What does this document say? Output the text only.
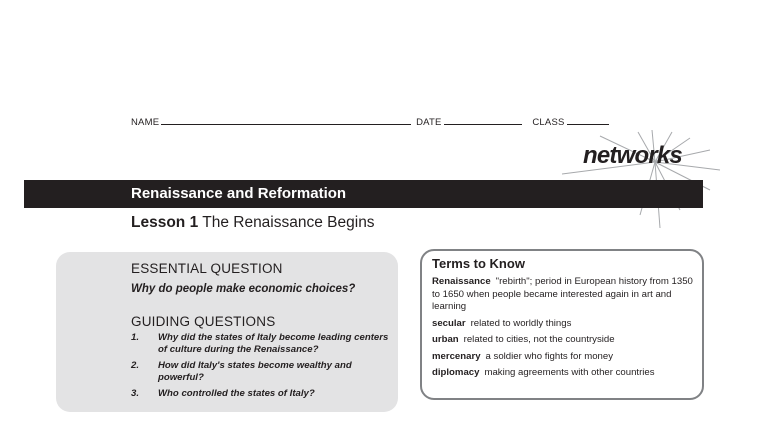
NAME	DATE	CLASS
networks
Renaissance and Reformation
Lesson 1 The Renaissance Begins
ESSENTIAL QUESTION
Why do people make economic choices?
GUIDING QUESTIONS
1. Why did the states of Italy become leading centers of culture during the Renaissance?
2. How did Italy's states become wealthy and powerful?
3. Who controlled the states of Italy?
Terms to Know
Renaissance "rebirth"; period in European history from 1350 to 1650 when people became interested again in art and learning
secular related to worldly things
urban related to cities, not the countryside
mercenary a soldier who fights for money
diplomacy making agreements with other countries
